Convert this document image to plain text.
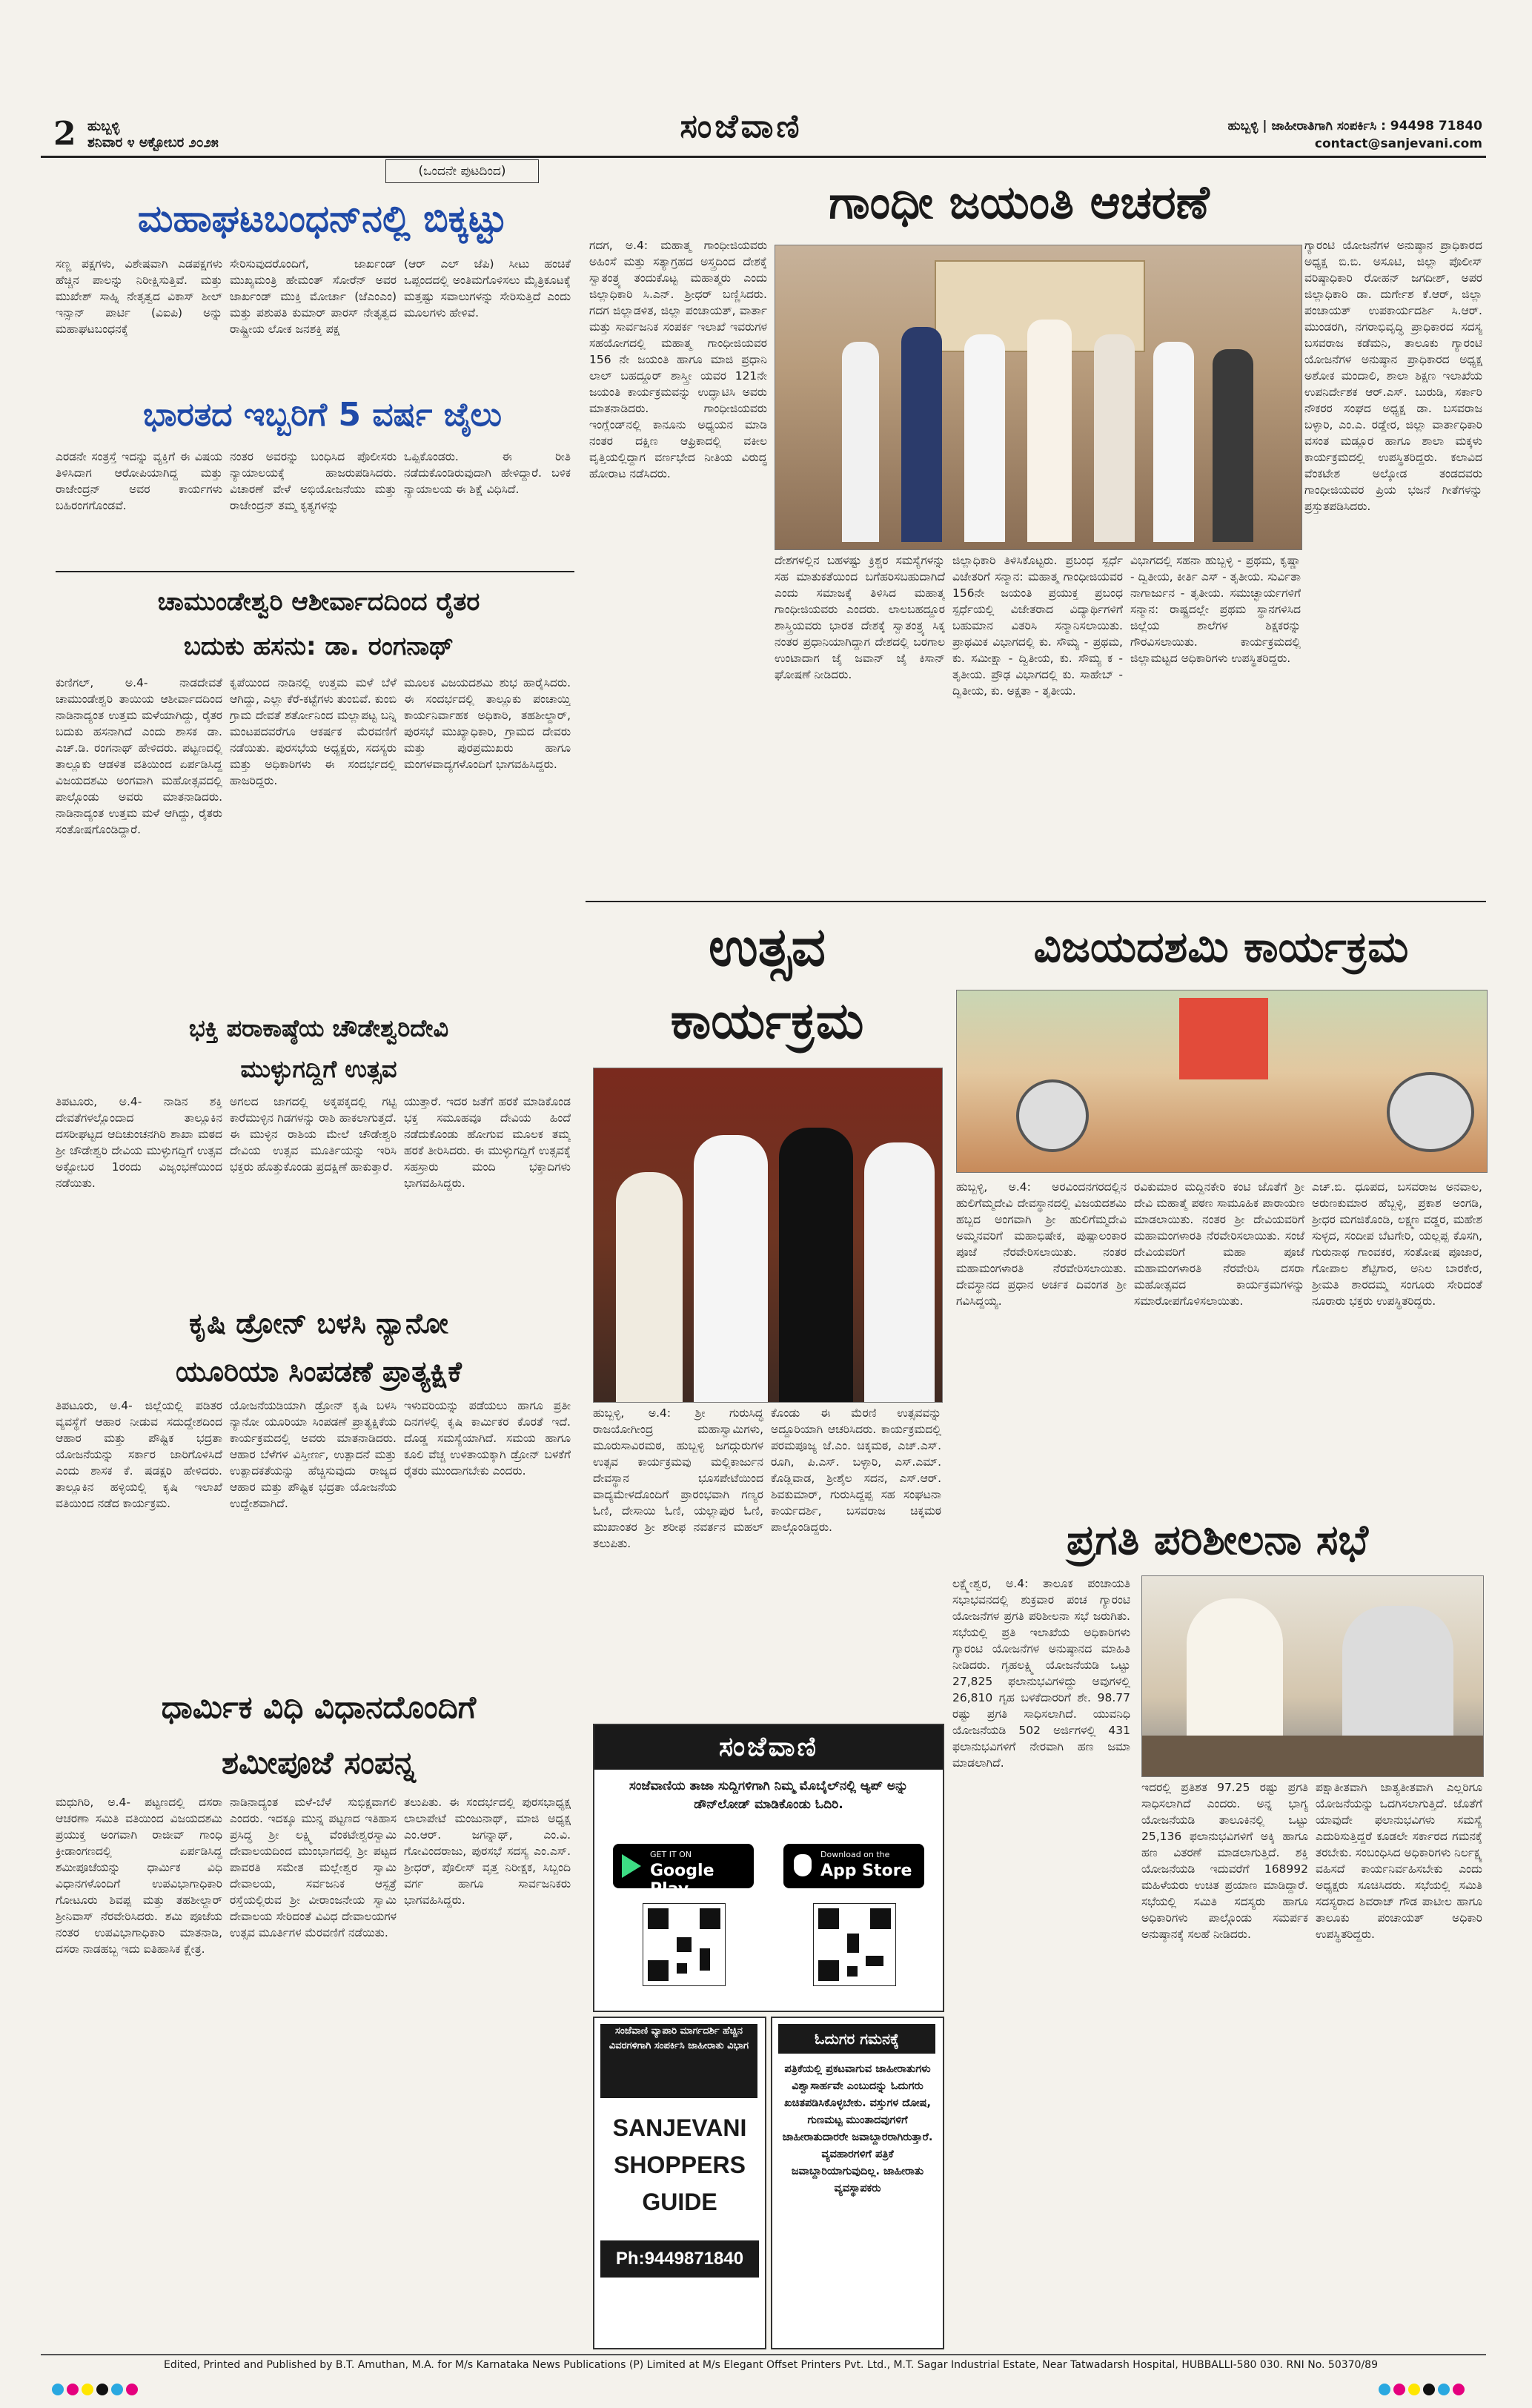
2 ಹುಬ್ಬಳ್ಳಿ
ಶನಿವಾರ ೪ ಅಕ್ಟೋಬರ ೨೦೨೫	ಸಂಜೆವಾಣಿ	ಹುಬ್ಬಳ್ಳಿ | ಜಾಹೀರಾತಿಗಾಗಿ ಸಂಪರ್ಕಿಸಿ : 94498 71840
contact@sanjevani.com
(ಒಂದನೇ ಪುಟದಿಂದ)
ಮಹಾಘಟಬಂಧನ್‌ನಲ್ಲಿ ಬಿಕ್ಕಟ್ಟು
ಸಣ್ಣ ಪಕ್ಷಗಳು, ವಿಶೇಷವಾಗಿ ಎಡಪಕ್ಷಗಳು ಹೆಚ್ಚಿನ ಪಾಲನ್ನು ನಿರೀಕ್ಷಿಸುತ್ತಿವೆ. ಮತ್ತು ಮುಖೇಶ್ ಸಾಹ್ನಿ ನೇತೃತ್ವದ ವಿಕಾಸ್ ಶೀಲ್ ಇನ್ಸಾನ್ ಪಾರ್ಟಿ (ವಿಐಪಿ) ಅನ್ನು ಮಹಾಘಟಬಂಧನಕ್ಕೆ
ಸೇರಿಸುವುದರೊಂದಿಗೆ, ಜಾರ್ಖಂಡ್ ಮುಖ್ಯಮಂತ್ರಿ ಹೇಮಂತ್ ಸೋರೆನ್ ಅವರ ಜಾರ್ಖಂಡ್ ಮುಕ್ತಿ ಮೋರ್ಚಾ (ಜೆಎಂಎಂ) ಮತ್ತು ಪಶುಪತಿ ಕುಮಾರ್ ಪಾರಸ್ ನೇತೃತ್ವದ ರಾಷ್ಟ್ರೀಯ ಲೋಕ ಜನಶಕ್ತಿ ಪಕ್ಷ
(ಆರ್ ಎಲ್ ಜೆಪಿ) ಸೀಟು ಹಂಚಿಕೆ ಒಪ್ಪಂದದಲ್ಲಿ ಅಂತಿಮಗೊಳಿಸಲು ಮೈತ್ರಿಕೂಟಕ್ಕೆ ಮತ್ತಷ್ಟು ಸವಾಲುಗಳನ್ನು ಸೇರಿಸುತ್ತಿದೆ ಎಂದು ಮೂಲಗಳು ಹೇಳಿವೆ.
ಭಾರತದ ಇಬ್ಬರಿಗೆ 5 ವರ್ಷ ಜೈಲು
ಎರಡನೇ ಸಂತ್ರಸ್ತೆ ಇದನ್ನು ವ್ಯಕ್ತಿಗೆ ಈ ವಿಷಯ ತಿಳಿಸಿದಾಗ ಆರೋಪಿಯಾಗಿದ್ದ ಮತ್ತು ರಾಜೇಂದ್ರನ್ ಅವರ ಕಾರ್ಯಗಳು ಬಹಿರಂಗಗೊಂಡವೆ.
ನಂತರ ಅವರನ್ನು ಬಂಧಿಸಿದ ಪೊಲೀಸರು ನ್ಯಾಯಾಲಯಕ್ಕೆ ಹಾಜರುಪಡಿಸಿದರು. ವಿಚಾರಣೆ ವೇಳೆ ಅಭಿಯೋಜನೆಯು ಮತ್ತು ರಾಜೇಂದ್ರನ್ ತಮ್ಮ ಕೃತ್ಯಗಳನ್ನು
ಒಪ್ಪಿಕೊಂಡರು. ಈ ರೀತಿ ನಡೆದುಕೊಂಡಿರುವುದಾಗಿ ಹೇಳಿದ್ದಾರೆ. ಬಳಿಕ ನ್ಯಾಯಾಲಯ ಈ ಶಿಕ್ಷೆ ವಿಧಿಸಿದೆ.
ಚಾಮುಂಡೇಶ್ವರಿ ಆಶೀರ್ವಾದದಿಂದ ರೈತರ
ಬದುಕು ಹಸನು: ಡಾ. ರಂಗನಾಥ್
ಕುಣಿಗಲ್, ಅ.4- ನಾಡದೇವತೆ ಚಾಮುಂಡೇಶ್ವರಿ ತಾಯಿಯ ಆಶೀರ್ವಾದದಿಂದ ನಾಡಿನಾದ್ಯಂತ ಉತ್ತಮ ಮಳೆಯಾಗಿದ್ದು, ರೈತರ ಬದುಕು ಹಸನಾಗಿದೆ ಎಂದು ಶಾಸಕ ಡಾ. ಎಚ್.ಡಿ. ರಂಗನಾಥ್ ಹೇಳಿದರು. ಪಟ್ಟಣದಲ್ಲಿ ತಾಲ್ಲೂಕು ಆಡಳಿತ ವತಿಯಿಂದ ಏರ್ಪಡಿಸಿದ್ದ ವಿಜಯದಶಮಿ ಅಂಗವಾಗಿ ಮಹೋತ್ಸವದಲ್ಲಿ ಪಾಲ್ಗೊಂಡು ಅವರು ಮಾತನಾಡಿದರು. ನಾಡಿನಾದ್ಯಂತ ಉತ್ತಮ ಮಳೆ ಆಗಿದ್ದು, ರೈತರು ಸಂತೋಷಗೊಂಡಿದ್ದಾರೆ.
ಕೃಪೆಯಿಂದ ನಾಡಿನಲ್ಲಿ ಉತ್ತಮ ಮಳೆ ಬೆಳೆ ಆಗಿದ್ದು, ಎಲ್ಲಾ ಕೆರೆ-ಕಟ್ಟೆಗಳು ತುಂಬಿವೆ. ಕುಂಬಿ ಗ್ರಾಮ ದೇವತೆ ಶರ್ತೋನಿಂದ ಮಲ್ಲಾಪಟ್ಟ ಬನ್ನಿ ಮಂಟಪದವರೆಗೂ ಆಕರ್ಷಕ ಮೆರವಣಿಗೆ ನಡೆಯಿತು. ಪುರಸಭೆಯ ಅಧ್ಯಕ್ಷರು, ಸದಸ್ಯರು ಮತ್ತು ಅಧಿಕಾರಿಗಳು ಈ ಸಂದರ್ಭದಲ್ಲಿ ಹಾಜರಿದ್ದರು.
ಮೂಲಕ ವಿಜಯದಶಮಿ ಶುಭ ಹಾರೈಸಿದರು. ಈ ಸಂದರ್ಭದಲ್ಲಿ ತಾಲ್ಲೂಕು ಪಂಚಾಯ್ತಿ ಕಾರ್ಯನಿರ್ವಾಹಕ ಅಧಿಕಾರಿ, ತಹಶೀಲ್ದಾರ್, ಪುರಸಭೆ ಮುಖ್ಯಾಧಿಕಾರಿ, ಗ್ರಾಮದ ದೇವರು ಮತ್ತು ಪುರಪ್ರಮುಖರು ಹಾಗೂ ಮಂಗಳವಾದ್ಯಗಳೊಂದಿಗೆ ಭಾಗವಹಿಸಿದ್ದರು.
ಭಕ್ತಿ ಪರಾಕಾಷ್ಠೆಯ ಚೌಡೇಶ್ವರಿದೇವಿ
ಮುಳ್ಳುಗದ್ದಿಗೆ ಉತ್ಸವ
ತಿಪಟೂರು, ಅ.4- ನಾಡಿನ ಶಕ್ತಿ ದೇವತೆಗಳಲ್ಲೊಂದಾದ ತಾಲ್ಲೂಕಿನ ದಸರೀಘಟ್ಟದ ಆದಿಚುಂಚನಗಿರಿ ಶಾಖಾ ಮಠದ ಶ್ರೀ ಚೌಡೇಶ್ವರಿ ದೇವಿಯ ಮುಳ್ಳುಗದ್ದಿಗೆ ಉತ್ಸವ ಅಕ್ಟೋಬರ 1ರಂದು ವಿಜೃಂಭಣೆಯಿಂದ ನಡೆಯಿತು.
ಅಗಲದ ಜಾಗದಲ್ಲಿ ಅಕ್ಕಪಕ್ಕದಲ್ಲಿ ಗಟ್ಟಿ ಕಾರೆಮುಳ್ಳಿನ ಗಿಡಗಳನ್ನು ರಾಶಿ ಹಾಕಲಾಗುತ್ತದೆ. ಈ ಮುಳ್ಳಿನ ರಾಶಿಯ ಮೇಲೆ ಚೌಡೇಶ್ವರಿ ದೇವಿಯ ಉತ್ಸವ ಮೂರ್ತಿಯನ್ನು ಇರಿಸಿ ಭಕ್ತರು ಹೊತ್ತುಕೊಂಡು ಪ್ರದಕ್ಷಿಣೆ ಹಾಕುತ್ತಾರೆ.
ಯುತ್ತಾರೆ. ಇದರ ಜತೆಗೆ ಹರಕೆ ಮಾಡಿಕೊಂಡ ಭಕ್ತ ಸಮೂಹವೂ ದೇವಿಯ ಹಿಂದೆ ನಡೆದುಕೊಂಡು ಹೋಗುವ ಮೂಲಕ ತಮ್ಮ ಹರಕೆ ತೀರಿಸಿದರು. ಈ ಮುಳ್ಳುಗದ್ದಿಗೆ ಉತ್ಸವಕ್ಕೆ ಸಹಸ್ರಾರು ಮಂದಿ ಭಕ್ತಾದಿಗಳು ಭಾಗವಹಿಸಿದ್ದರು.
ಕೃಷಿ ಡ್ರೋನ್ ಬಳಸಿ ನ್ಯಾನೋ
ಯೂರಿಯಾ ಸಿಂಪಡಣೆ ಪ್ರಾತ್ಯಕ್ಷಿಕೆ
ತಿಪಟೂರು, ಅ.4- ಜಿಲ್ಲೆಯಲ್ಲಿ ಪಡಿತರ ವ್ಯವಸ್ಥೆಗೆ ಆಹಾರ ನೀಡುವ ಸದುದ್ದೇಶದಿಂದ ಆಹಾರ ಮತ್ತು ಪೌಷ್ಟಿಕ ಭದ್ರತಾ ಯೋಜನೆಯನ್ನು ಸರ್ಕಾರ ಜಾರಿಗೊಳಿಸಿದೆ ಎಂದು ಶಾಸಕ ಕೆ. ಷಡಕ್ಷರಿ ಹೇಳಿದರು. ತಾಲ್ಲೂಕಿನ ಹಳ್ಳಿಯಲ್ಲಿ ಕೃಷಿ ಇಲಾಖೆ ವತಿಯಿಂದ ನಡೆದ ಕಾರ್ಯಕ್ರಮ.
ಯೋಜನೆಯಡಿಯಾಗಿ ಡ್ರೋನ್ ಕೃಷಿ ಬಳಸಿ ನ್ಯಾನೋ ಯೂರಿಯಾ ಸಿಂಪಡಣೆ ಪ್ರಾತ್ಯಕ್ಷಿಕೆಯ ಕಾರ್ಯಕ್ರಮದಲ್ಲಿ ಅವರು ಮಾತನಾಡಿದರು. ಆಹಾರ ಬೆಳೆಗಳ ವಿಸ್ತೀರ್ಣ, ಉತ್ಪಾದನೆ ಮತ್ತು ಉತ್ಪಾದಕತೆಯನ್ನು ಹೆಚ್ಚಿಸುವುದು ರಾಜ್ಯದ ಆಹಾರ ಮತ್ತು ಪೌಷ್ಟಿಕ ಭದ್ರತಾ ಯೋಜನೆಯ ಉದ್ದೇಶವಾಗಿದೆ.
ಇಳುವರಿಯನ್ನು ಪಡೆಯಲು ಹಾಗೂ ಪ್ರತೀ ದಿನಗಳಲ್ಲಿ ಕೃಷಿ ಕಾರ್ಮಿಕರ ಕೊರತೆ ಇದೆ. ದೊಡ್ಡ ಸಮಸ್ಯೆಯಾಗಿದೆ. ಸಮಯ ಹಾಗೂ ಕೂಲಿ ವೆಚ್ಚ ಉಳಿತಾಯಕ್ಕಾಗಿ ಡ್ರೋನ್ ಬಳಕೆಗೆ ರೈತರು ಮುಂದಾಗಬೇಕು ಎಂದರು.
ಧಾರ್ಮಿಕ ವಿಧಿ ವಿಧಾನದೊಂದಿಗೆ
ಶಮೀಪೂಜೆ ಸಂಪನ್ನ
ಮಧುಗಿರಿ, ಅ.4- ಪಟ್ಟಣದಲ್ಲಿ ದಸರಾ ಆಚರಣಾ ಸಮಿತಿ ವತಿಯಿಂದ ವಿಜಯದಶಮಿ ಪ್ರಯುಕ್ತ ಅಂಗವಾಗಿ ರಾಜೀವ್ ಗಾಂಧಿ ಕ್ರೀಡಾಂಗಣದಲ್ಲಿ ಏರ್ಪಡಿಸಿದ್ದ ಶಮೀಪೂಜೆಯನ್ನು ಧಾರ್ಮಿಕ ವಿಧಿ ವಿಧಾನಗಳೊಂದಿಗೆ ಉಪವಿಭಾಗಾಧಿಕಾರಿ ಗೋಟೂರು ಶಿವಪ್ಪ ಮತ್ತು ತಹಶೀಲ್ದಾರ್ ಶ್ರೀನಿವಾಸ್ ನೆರವೇರಿಸಿದರು. ಶಮಿ ಪೂಜೆಯ ನಂತರ ಉಪವಿಭಾಗಾಧಿಕಾರಿ ಮಾತನಾಡಿ, ದಸರಾ ನಾಡಹಬ್ಬ ಇದು ಐತಿಹಾಸಿಕ ಕ್ಷೇತ್ರ.
ನಾಡಿನಾದ್ಯಂತ ಮಳೆ-ಬೆಳೆ ಸುಭಿಕ್ಷವಾಗಲಿ ಎಂದರು. ಇದಕ್ಕೂ ಮುನ್ನ ಪಟ್ಟಣದ ಇತಿಹಾಸ ಪ್ರಸಿದ್ಧ ಶ್ರೀ ಲಕ್ಷ್ಮಿ ವೆಂಕಟೇಶ್ವರಸ್ವಾಮಿ ದೇವಾಲಯದಿಂದ ಮುಂಭಾಗದಲ್ಲಿ ಶ್ರೀ ಪಟ್ಟದ ಪಾವರತಿ ಸಮೇತ ಮಲ್ಲೇಶ್ವರ ಸ್ವಾಮಿ ದೇವಾಲಯ, ಸರ್ವಜನಿಕ ಆಸ್ಪತ್ರೆ ರಸ್ತೆಯಲ್ಲಿರುವ ಶ್ರೀ ವೀರಾಂಜನೇಯ ಸ್ವಾಮಿ ದೇವಾಲಯ ಸೇರಿದಂತೆ ವಿವಿಧ ದೇವಾಲಯಗಳ ಉತ್ಸವ ಮೂರ್ತಿಗಳ ಮೆರವಣಿಗೆ ನಡೆಯಿತು.
ತಲುಪಿತು. ಈ ಸಂದರ್ಭದಲ್ಲಿ ಪುರಸಭಾಧ್ಯಕ್ಷ ಲಾಲಾಪೇಟೆ ಮಂಜುನಾಥ್, ಮಾಜಿ ಅಧ್ಯಕ್ಷ ಎಂ.ಆರ್. ಜಗನ್ನಾಥ್, ಎಂ.ವಿ. ಗೋವಿಂದರಾಜು, ಪುರಸಭೆ ಸದಸ್ಯ ಎಂ.ಎಸ್. ಶ್ರೀಧರ್, ಪೊಲೀಸ್ ವೃತ್ತ ನಿರೀಕ್ಷಕ, ಸಿಬ್ಬಂದಿ ವರ್ಗ ಹಾಗೂ ಸಾರ್ವಜನಿಕರು ಭಾಗವಹಿಸಿದ್ದರು.
ಗಾಂಧೀ ಜಯಂತಿ ಆಚರಣೆ
ಗದಗ, ಅ.4: ಮಹಾತ್ಮ ಗಾಂಧೀಜಿಯವರು ಅಹಿಂಸೆ ಮತ್ತು ಸತ್ಯಾಗ್ರಹದ ಅಸ್ತ್ರದಿಂದ ದೇಶಕ್ಕೆ ಸ್ವಾತಂತ್ರ್ಯ ತಂದುಕೊಟ್ಟ ಮಹಾತ್ಮರು ಎಂದು ಜಿಲ್ಲಾಧಿಕಾರಿ ಸಿ.ಎನ್. ಶ್ರೀಧರ್ ಬಣ್ಣಿಸಿದರು. ಗದಗ ಜಿಲ್ಲಾಡಳಿತ, ಜಿಲ್ಲಾ ಪಂಚಾಯತ್, ವಾರ್ತಾ ಮತ್ತು ಸಾರ್ವಜನಿಕ ಸಂಪರ್ಕ ಇಲಾಖೆ ಇವರುಗಳ ಸಹಯೋಗದಲ್ಲಿ ಮಹಾತ್ಮ ಗಾಂಧೀಜಿಯವರ 156 ನೇ ಜಯಂತಿ ಹಾಗೂ ಮಾಜಿ ಪ್ರಧಾನಿ ಲಾಲ್ ಬಹದ್ದೂರ್ ಶಾಸ್ತ್ರೀ ಯವರ 121ನೇ ಜಯಂತಿ ಕಾರ್ಯಕ್ರಮವನ್ನು ಉದ್ಘಾಟಿಸಿ ಅವರು ಮಾತನಾಡಿದರು. ಗಾಂಧೀಜಿಯವರು ಇಂಗ್ಲೆಂಡ್‌ನಲ್ಲಿ ಕಾನೂನು ಅಧ್ಯಯನ ಮಾಡಿ ನಂತರ ದಕ್ಷಿಣ ಆಫ್ರಿಕಾದಲ್ಲಿ ವಕೀಲ ವೃತ್ತಿಯಲ್ಲಿದ್ದಾಗ ವರ್ಣಭೇದ ನೀತಿಯ ವಿರುದ್ಧ ಹೋರಾಟ ನಡೆಸಿದರು.
ಗ್ಯಾರಂಟಿ ಯೋಜನೆಗಳ ಅನುಷ್ಠಾನ ಪ್ರಾಧಿಕಾರದ ಅಧ್ಯಕ್ಷ ಬಿ.ಬಿ. ಅಸೂಟಿ, ಜಿಲ್ಲಾ ಪೊಲೀಸ್ ವರಿಷ್ಠಾಧಿಕಾರಿ ರೋಹನ್ ಜಗದೀಶ್, ಅಪರ ಜಿಲ್ಲಾಧಿಕಾರಿ ಡಾ. ದುರ್ಗೇಶ ಕೆ.ಆರ್, ಜಿಲ್ಲಾ ಪಂಚಾಯತ್ ಉಪಕಾರ್ಯದರ್ಶಿ ಸಿ.ಆರ್. ಮುಂಡರಗಿ, ನಗರಾಭಿವೃದ್ಧಿ ಪ್ರಾಧಿಕಾರದ ಸದಸ್ಯ ಬಸವರಾಜ ಕಡೆಮನಿ, ತಾಲೂಕು ಗ್ಯಾರಂಟಿ ಯೋಜನೆಗಳ ಅನುಷ್ಠಾನ ಪ್ರಾಧಿಕಾರದ ಅಧ್ಯಕ್ಷ ಅಶೋಕ ಮಂದಾಲಿ, ಶಾಲಾ ಶಿಕ್ಷಣ ಇಲಾಖೆಯ ಉಪನಿರ್ದೇಶಕ ಆರ್.ಎಸ್. ಬುರುಡಿ, ಸರ್ಕಾರಿ ನೌಕರರ ಸಂಘದ ಅಧ್ಯಕ್ಷ ಡಾ. ಬಸವರಾಜ ಬಳ್ಳಾರಿ, ಎಂ.ಎ. ರಡ್ಡೇರ, ಜಿಲ್ಲಾ ವಾರ್ತಾಧಿಕಾರಿ ವಸಂತ ಮಡ್ಲೂರ ಹಾಗೂ ಶಾಲಾ ಮಕ್ಕಳು ಕಾರ್ಯಕ್ರಮದಲ್ಲಿ ಉಪಸ್ಥಿತರಿದ್ದರು. ಕಲಾವಿದ ವೆಂಕಟೇಶ ಅಲ್ಕೋಡ ತಂಡದವರು ಗಾಂಧೀಜಿಯವರ ಪ್ರಿಯ ಭಜನೆ ಗೀತೆಗಳನ್ನು ಪ್ರಸ್ತುತಪಡಿಸಿದರು.
ದೇಶಗಳಲ್ಲಿನ ಬಹಳಷ್ಟು ಕ್ರಿಶ್ಚರ ಸಮಸ್ಯೆಗಳನ್ನು ಸಹ ಮಾತುಕತೆಯಿಂದ ಬಗೆಹರಿಸಬಹುದಾಗಿದೆ ಎಂದು ಸಮಾಜಕ್ಕೆ ತಿಳಿಸಿದ ಮಹಾತ್ಮ ಗಾಂಧೀಜಿಯವರು ಎಂದರು. ಲಾಲಬಹದ್ದೂರ ಶಾಸ್ತ್ರಿಯವರು ಭಾರತ ದೇಶಕ್ಕೆ ಸ್ವಾತಂತ್ರ್ಯ ಸಿಕ್ಕ ನಂತರ ಪ್ರಧಾನಿಯಾಗಿದ್ದಾಗ ದೇಶದಲ್ಲಿ ಬರಗಾಲ ಉಂಟಾದಾಗ ಜೈ ಜವಾನ್ ಜೈ ಕಿಸಾನ್ ಘೋಷಣೆ ನೀಡಿದರು.
ಜಿಲ್ಲಾಧಿಕಾರಿ ತಿಳಿಸಿಕೊಟ್ಟರು. ಪ್ರಬಂಧ ಸ್ಪರ್ಧೆ ವಿಜೇತರಿಗೆ ಸನ್ಮಾನ: ಮಹಾತ್ಮ ಗಾಂಧೀಜಿಯವರ 156ನೇ ಜಯಂತಿ ಪ್ರಯುಕ್ತ ಪ್ರಬಂಧ ಸ್ಪರ್ಧೆಯಲ್ಲಿ ವಿಜೇತರಾದ ವಿದ್ಯಾರ್ಥಿಗಳಿಗೆ ಬಹುಮಾನ ವಿತರಿಸಿ ಸನ್ಮಾನಿಸಲಾಯಿತು. ಪ್ರಾಥಮಿಕ ವಿಭಾಗದಲ್ಲಿ ಕು. ಸೌಮ್ಯ - ಪ್ರಥಮ, ಕು. ಸಮೀಕ್ಷಾ - ದ್ವಿತೀಯ, ಕು. ಸೌಮ್ಯ ಕ - ತೃತೀಯ. ಪ್ರೌಢ ವಿಭಾಗದಲ್ಲಿ ಕು. ಸಾಹೇಬ್ - ದ್ವಿತೀಯ, ಕು. ಅಕ್ಷತಾ - ತೃತೀಯ.
ವಿಭಾಗದಲ್ಲಿ ಸಹನಾ ಹುಬ್ಬಳ್ಳಿ - ಪ್ರಥಮ, ಕೃಷ್ಣಾ - ದ್ವಿತೀಯ, ಕೀರ್ತಿ ಎಸ್ - ತೃತೀಯ. ಸುರ್ವಿತಾ ನಾಗಾರ್ಜುನ - ತೃತೀಯ. ಸಮುಚ್ಛಾರ್ಯಗಳಿಗೆ ಸನ್ಮಾನ: ರಾಷ್ಟ್ರದಲ್ಲೇ ಪ್ರಥಮ ಸ್ಥಾನಗಳಿಸಿದ ಜಿಲ್ಲೆಯ ಶಾಲೆಗಳ ಶಿಕ್ಷಕರನ್ನು ಗೌರವಿಸಲಾಯಿತು. ಕಾರ್ಯಕ್ರಮದಲ್ಲಿ ಜಿಲ್ಲಾಮಟ್ಟದ ಅಧಿಕಾರಿಗಳು ಉಪಸ್ಥಿತರಿದ್ದರು.
ಉತ್ಸವ
ಕಾರ್ಯಕ್ರಮ
ಹುಬ್ಬಳ್ಳಿ, ಅ.4: ಶ್ರೀ ಗುರುಸಿದ್ಧ ರಾಜಯೋಗೀಂದ್ರ ಮಹಾಸ್ವಾಮಿಗಳು, ಮೂರುಸಾವಿರಮಠ, ಹುಬ್ಬಳ್ಳಿ ಜಗದ್ಗುರುಗಳ ಉತ್ಸವ ಕಾರ್ಯಕ್ರಮವು ಮಲ್ಲಿಕಾರ್ಜುನ ದೇವಸ್ಥಾನ ಭೂಸಪೇಟೆಯಿಂದ ವಾದ್ಯಮೇಳದೊಂದಿಗೆ ಪ್ರಾರಂಭವಾಗಿ ಗಣ್ಯರ ಓಣಿ, ದೇಸಾಯಿ ಓಣಿ, ಯಲ್ಲಾಪುರ ಓಣಿ, ಮುಖಾಂತರ ಶ್ರೀ ಶರೀಫ ನವರ್ತನ ಮಹಲ್ ತಲುಪಿತು.
ಕೊಂಡು ಈ ಮೆರಣಿ ಉತ್ಸವವನ್ನು ಅದ್ದೂರಿಯಾಗಿ ಆಚರಿಸಿದರು. ಕಾರ್ಯಕ್ರಮದಲ್ಲಿ ಪರಮಪೂಜ್ಯ ಜೆ.ಎಂ. ಚಿಕ್ಕಮಠ, ಎಚ್.ಎಸ್. ರೂಗಿ, ಪಿ.ಎಸ್. ಬಳ್ಳಾರಿ, ಎಸ್.ಎಮ್. ಕೊಡ್ಲಿವಾಡ, ಶ್ರೀಶೈಲ ಸದನ, ಎಸ್.ಆರ್. ಶಿವಕುಮಾರ್, ಗುರುಸಿದ್ದಪ್ಪ ಸಹ ಸಂಘಟನಾ ಕಾರ್ಯದರ್ಶಿ, ಬಸವರಾಜ ಚಿಕ್ಕಮಠ ಪಾಲ್ಗೊಂಡಿದ್ದರು.
ವಿಜಯದಶಮಿ ಕಾರ್ಯಕ್ರಮ
ಹುಬ್ಬಳ್ಳಿ, ಅ.4: ಅರವಿಂದನಗರದಲ್ಲಿನ ಹುಲಿಗೆಮ್ಮದೇವಿ ದೇವಸ್ಥಾನದಲ್ಲಿ ವಿಜಯದಶಮಿ ಹಬ್ಬದ ಅಂಗವಾಗಿ ಶ್ರೀ ಹುಲಿಗೆಮ್ಮದೇವಿ ಅಮ್ಮನವರಿಗೆ ಮಹಾಭಿಷೇಕ, ಪುಷ್ಪಾಲಂಕಾರ ಪೂಜೆ ನೆರವೇರಿಸಲಾಯಿತು. ನಂತರ ಮಹಾಮಂಗಳಾರತಿ ನೆರವೇರಿಸಲಾಯಿತು. ದೇವಸ್ಥಾನದ ಪ್ರಧಾನ ಅರ್ಚಕ ದಿವಂಗತ ಶ್ರೀ ಗವಿಸಿದ್ದಯ್ಯ.
ರವಿಕುಮಾರ ಮದ್ದಿನಕೇರಿ ಕಂಟಿ ಜೊತೆಗೆ ಶ್ರೀ ದೇವಿ ಮಹಾತ್ಮೆ ಪಠಣ ಸಾಮೂಹಿಕ ಪಾರಾಯಣ ಮಾಡಲಾಯಿತು. ನಂತರ ಶ್ರೀ ದೇವಿಯವರಿಗೆ ಮಹಾಮಂಗಳಾರತಿ ನೆರವೇರಿಸಲಾಯಿತು. ಸಂಜೆ ದೇವಿಯವರಿಗೆ ಮಹಾ ಪೂಜೆ ಮಹಾಮಂಗಳಾರತಿ ನೆರವೇರಿಸಿ ದಸರಾ ಮಹೋತ್ಸವದ ಕಾರ್ಯಕ್ರಮಗಳನ್ನು ಸಮಾರೋಪಗೊಳಿಸಲಾಯಿತು.
ಎಚ್.ಬಿ. ಧೂಪದ, ಬಸವರಾಜ ಅನವಾಲ, ಅರುಣಕುಮಾರ ಹೆಬ್ಬಳ್ಳಿ, ಪ್ರಕಾಶ ಅಂಗಡಿ, ಶ್ರೀಧರ ಮಗಜಿಕೊಂಡಿ, ಲಕ್ಷ್ಮಣ ವಡ್ಡರ, ಮಹೇಶ ಸುಳ್ಳದ, ಸಂದೀಪ ಬೆಟಗೇರಿ, ಯಲ್ಲಪ್ಪ ಕೊಸಗಿ, ಗುರುನಾಥ ಗಾಂವಕರ, ಸಂತೋಷ ಪೂಜಾರ, ಗೋಪಾಲ ಶೆಟ್ಟಿಗಾರ, ಅನಿಲ ಬಾರಕೇರ, ಶ್ರೀಮತಿ ಶಾರದಮ್ಮ ಸಂಗೂರು ಸೇರಿದಂತೆ ನೂರಾರು ಭಕ್ತರು ಉಪಸ್ಥಿತರಿದ್ದರು.
ಪ್ರಗತಿ ಪರಿಶೀಲನಾ ಸಭೆ
ಲಕ್ಷ್ಮೇಶ್ವರ, ಅ.4: ತಾಲೂಕ ಪಂಚಾಯತಿ ಸಭಾಭವನದಲ್ಲಿ ಶುಕ್ರವಾರ ಪಂಚ ಗ್ಯಾರಂಟಿ ಯೋಜನೆಗಳ ಪ್ರಗತಿ ಪರಿಶೀಲನಾ ಸಭೆ ಜರುಗಿತು. ಸಭೆಯಲ್ಲಿ ಪ್ರತಿ ಇಲಾಖೆಯ ಅಧಿಕಾರಿಗಳು ಗ್ಯಾರಂಟಿ ಯೋಜನೆಗಳ ಅನುಷ್ಠಾನದ ಮಾಹಿತಿ ನೀಡಿದರು. ಗೃಹಲಕ್ಷ್ಮಿ ಯೋಜನೆಯಡಿ ಒಟ್ಟು 27,825 ಫಲಾನುಭವಿಗಳಿದ್ದು ಅವುಗಳಲ್ಲಿ 26,810 ಗೃಹ ಬಳಕೆದಾರರಿಗೆ ಶೇ. 98.77 ರಷ್ಟು ಪ್ರಗತಿ ಸಾಧಿಸಲಾಗಿದೆ. ಯುವನಿಧಿ ಯೋಜನೆಯಡಿ 502 ಅರ್ಜಿಗಳಲ್ಲಿ 431 ಫಲಾನುಭವಿಗಳಿಗೆ ನೇರವಾಗಿ ಹಣ ಜಮಾ ಮಾಡಲಾಗಿದೆ.
ಇದರಲ್ಲಿ ಪ್ರತಿಶತ 97.25 ರಷ್ಟು ಪ್ರಗತಿ ಸಾಧಿಸಲಾಗಿದೆ ಎಂದರು. ಅನ್ನ ಭಾಗ್ಯ ಯೋಜನೆಯಡಿ ತಾಲೂಕಿನಲ್ಲಿ ಒಟ್ಟು 25,136 ಫಲಾನುಭವಿಗಳಿಗೆ ಅಕ್ಕಿ ಹಾಗೂ ಹಣ ವಿತರಣೆ ಮಾಡಲಾಗುತ್ತಿದೆ. ಶಕ್ತಿ ಯೋಜನೆಯಡಿ ಇದುವರೆಗೆ 168992 ಮಹಿಳೆಯರು ಉಚಿತ ಪ್ರಯಾಣ ಮಾಡಿದ್ದಾರೆ. ಸಭೆಯಲ್ಲಿ ಸಮಿತಿ ಸದಸ್ಯರು ಹಾಗೂ ಅಧಿಕಾರಿಗಳು ಪಾಲ್ಗೊಂಡು ಸಮರ್ಪಕ ಅನುಷ್ಠಾನಕ್ಕೆ ಸಲಹೆ ನೀಡಿದರು.
ಪಕ್ಷಾತೀತವಾಗಿ ಜಾತ್ಯತೀತವಾಗಿ ಎಲ್ಲರಿಗೂ ಯೋಜನೆಯನ್ನು ಒದಗಿಸಲಾಗುತ್ತಿದೆ. ಜೊತೆಗೆ ಯಾವುದೇ ಫಲಾನುಭವಿಗಳು ಸಮಸ್ಯೆ ಎದುರಿಸುತ್ತಿದ್ದರೆ ಕೂಡಲೇ ಸರ್ಕಾರದ ಗಮನಕ್ಕೆ ತರಬೇಕು. ಸಂಬಂಧಿಸಿದ ಅಧಿಕಾರಿಗಳು ನಿರ್ಲಕ್ಷ್ಯ ವಹಿಸದೆ ಕಾರ್ಯನಿರ್ವಹಿಸಬೇಕು ಎಂದು ಅಧ್ಯಕ್ಷರು ಸೂಚಿಸಿದರು. ಸಭೆಯಲ್ಲಿ ಸಮಿತಿ ಸದಸ್ಯರಾದ ಶಿವರಾಜ್ ಗೌಡ ಪಾಟೀಲ ಹಾಗೂ ತಾಲೂಕು ಪಂಚಾಯತ್ ಅಧಿಕಾರಿ ಉಪಸ್ಥಿತರಿದ್ದರು.
ಸಂಜೆವಾಣಿ
ಸಂಜೆವಾಣಿಯ ತಾಜಾ ಸುದ್ದಿಗಳಿಗಾಗಿ ನಿಮ್ಮ ಮೊಬೈಲ್‌ನಲ್ಲಿ ಆ್ಯಪ್ ಅನ್ನು ಡೌನ್‌ಲೋಡ್ ಮಾಡಿಕೊಂಡು ಓದಿರಿ.
GET IT ON
Google Play
Download on the
App Store
ಸಂಜೆವಾಣಿ ವ್ಯಾಪಾರಿ ಮಾರ್ಗದರ್ಶಿ ಹೆಚ್ಚಿನ ವಿವರಗಳಿಗಾಗಿ ಸಂಪರ್ಕಿಸಿ ಜಾಹೀರಾತು ವಿಭಾಗ
SANJEVANI
SHOPPERS
GUIDE
Ph:9449871840
ಓದುಗರ ಗಮನಕ್ಕೆ
ಪತ್ರಿಕೆಯಲ್ಲಿ ಪ್ರಕಟವಾಗುವ ಜಾಹೀರಾತುಗಳು ವಿಶ್ವಾಸಾರ್ಹವೇ ಎಂಬುದನ್ನು ಓದುಗರು ಖಚಿತಪಡಿಸಿಕೊಳ್ಳಬೇಕು. ವಸ್ತುಗಳ ದೋಷ, ಗುಣಮಟ್ಟ ಮುಂತಾದವುಗಳಿಗೆ ಜಾಹೀರಾತುದಾರರೇ ಜವಾಬ್ದಾರರಾಗಿರುತ್ತಾರೆ. ವ್ಯವಹಾರಗಳಿಗೆ ಪತ್ರಿಕೆ ಜವಾಬ್ದಾರಿಯಾಗುವುದಿಲ್ಲ. ಜಾಹೀರಾತು ವ್ಯವಸ್ಥಾಪಕರು
Edited, Printed and Published by B.T. Amuthan, M.A. for M/s Karnataka News Publications (P) Limited at M/s Elegant Offset Printers Pvt. Ltd., M.T. Sagar Industrial Estate, Near Tatwadarsh Hospital, HUBBALLI-580 030. RNI No. 50370/89
